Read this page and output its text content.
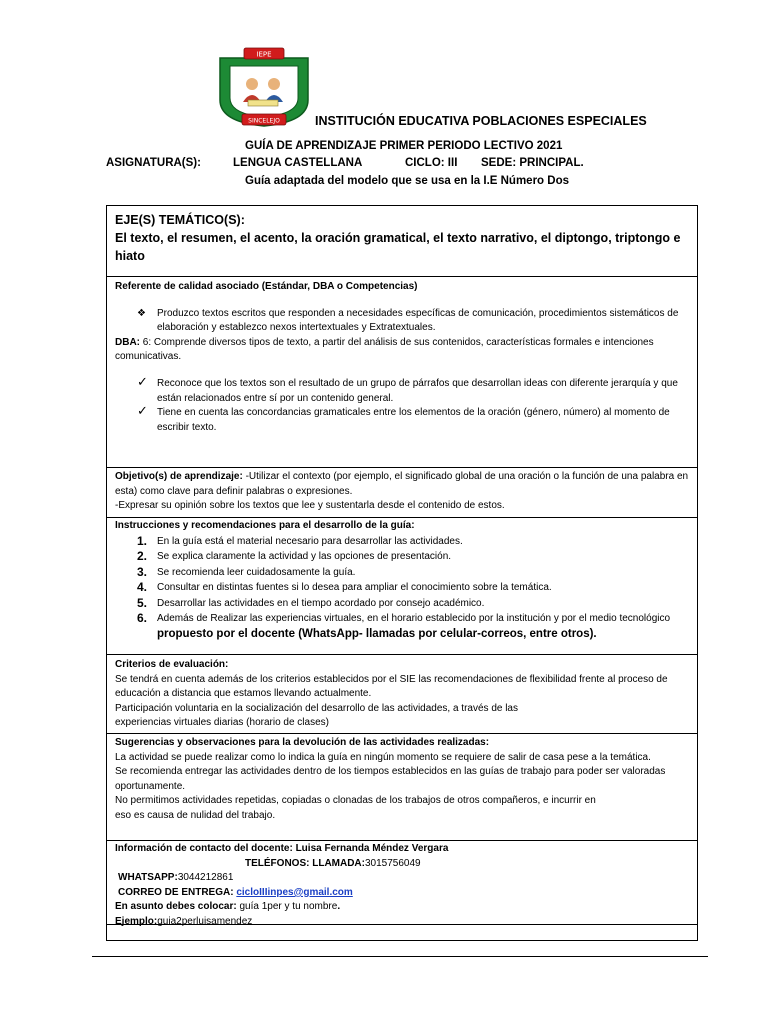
IEPE
SINCELEJO	INSTITUCIÓN EDUCATIVA POBLACIONES ESPECIALES
GUÍA DE APRENDIZAJE PRIMER PERIODO LECTIVO 2021
ASIGNATURA(S):	LENGUA CASTELLANA	CICLO: III SEDE: PRINCIPAL.
Guía adaptada del modelo que se usa en la I.E Número Dos
EJE(S) TEMÁTICO(S):
El texto, el resumen, el acento, la oración gramatical, el texto narrativo, el diptongo, triptongo e hiato
Referente de calidad asociado (Estándar, DBA o Competencias)
❖	Produzco textos escritos que responden a necesidades específicas de comunicación, procedimientos sistemáticos de elaboración y establezco nexos intertextuales y Extratextuales.
DBA: 6: Comprende diversos tipos de texto, a partir del análisis de sus contenidos, características formales e intenciones comunicativas.
✓ Reconoce que los textos son el resultado de un grupo de párrafos que desarrollan ideas con diferente jerarquía y que están relacionados entre sí por un contenido general.
✓ Tiene en cuenta las concordancias gramaticales entre los elementos de la oración (género, número) al momento de escribir texto.
Objetivo(s) de aprendizaje: -Utilizar el contexto (por ejemplo, el significado global de una oración o la función de una palabra en esta) como clave para definir palabras o expresiones.
-Expresar su opinión sobre los textos que lee y sustentarla desde el contenido de estos.
Instrucciones y recomendaciones para el desarrollo de la guía:
1. En la guía está el material necesario para desarrollar las actividades.
2. Se explica claramente la actividad y las opciones de presentación.
3. Se recomienda leer cuidadosamente la guía.
4. Consultar en distintas fuentes si lo desea para ampliar el conocimiento sobre la temática.
5. Desarrollar las actividades en el tiempo acordado por consejo académico.
6. Además de Realizar las experiencias virtuales, en el horario establecido por la institución y por el medio tecnológico propuesto por el docente (WhatsApp- llamadas por celular-correos, entre otros).
Criterios de evaluación:
Se tendrá en cuenta además de los criterios establecidos por el SIE las recomendaciones de flexibilidad frente al proceso de educación a distancia que estamos llevando actualmente.
Participación voluntaria en la socialización del desarrollo de las actividades, a través de las experiencias virtuales diarias (horario de clases)
Sugerencias y observaciones para la devolución de las actividades realizadas:
La actividad se puede realizar como lo indica la guía en ningún momento se requiere de salir de casa pese a la temática.
Se recomienda entregar las actividades dentro de los tiempos establecidos en las guías de trabajo para poder ser valoradas oportunamente.
No permitimos actividades repetidas, copiadas o clonadas de los trabajos de otros compañeros, e incurrir en eso es causa de nulidad del trabajo.
Información de contacto del docente: Luisa Fernanda Méndez Vergara
TELÉFONOS: LLAMADA:3015756049
WHATSAPP:3044212861
CORREO DE ENTREGA: cicloIIIinpes@gmail.com
En asunto debes colocar: guía 1per y tu nombre.
Ejemplo:guia2perluisamendez
